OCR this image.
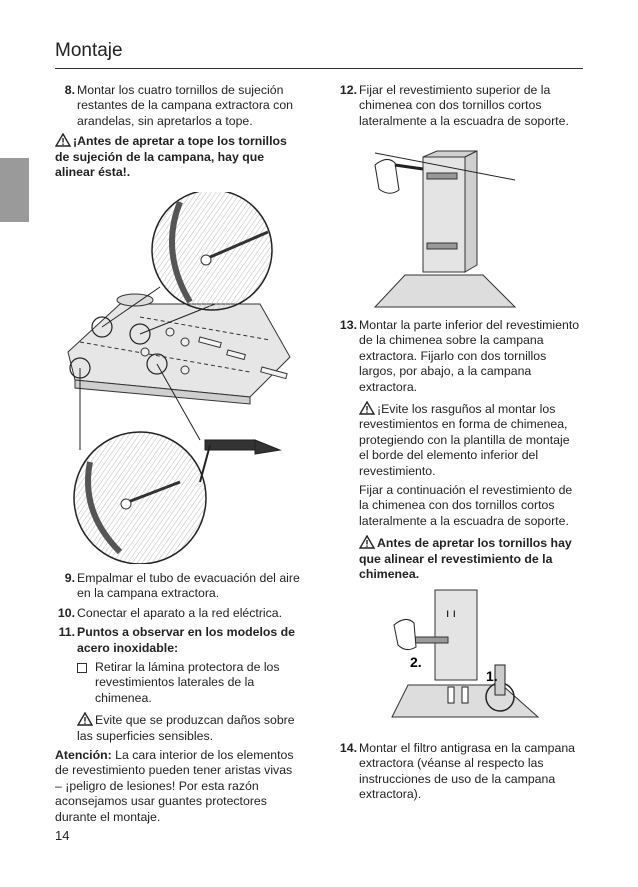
Montaje
8. Montar los cuatro tornillos de sujeción restantes de la campana extractora con arandelas, sin apretarlos a tope.

¡Antes de apretar a tope los tornillos de sujeción de la campana, hay que alinear ésta!.
9. Empalmar el tubo de evacuación del aire en la campana extractora.

10. Conectar el aparato a la red eléctrica.

11. Puntos a observar en los modelos de acero inoxidable:

Retirar la lámina protectora de los revestimientos laterales de la chimenea.

Evite que se produzcan daños sobre las superficies sensibles.

Atención: La cara interior de los elementos de revestimiento pueden tener aristas vivas – ¡peligro de lesiones! Por esta razón aconsejamos usar guantes protectores durante el montaje.

12. Fijar el revestimiento superior de la chimenea con dos tornillos cortos lateralmente a la escuadra de soporte.

13. Montar la parte inferior del revestimiento de la chimenea sobre la campana extractora. Fijarlo con dos tornillos largos, por abajo, a la campana extractora.

¡Evite los rasguños al montar los revestimientos en forma de chimenea, protegiendo con la plantilla de montaje el borde del elemento inferior del revestimiento.

Fijar a continuación el revestimiento de la chimenea con dos tornillos cortos lateralmente a la escuadra de soporte.

Antes de apretar los tornillos hay que alinear el revestimiento de la chimenea.
ı ı
2.
1.
14. Montar el filtro antigrasa en la campana extractora (véanse al respecto las instrucciones de uso de la campana extractora).

14
